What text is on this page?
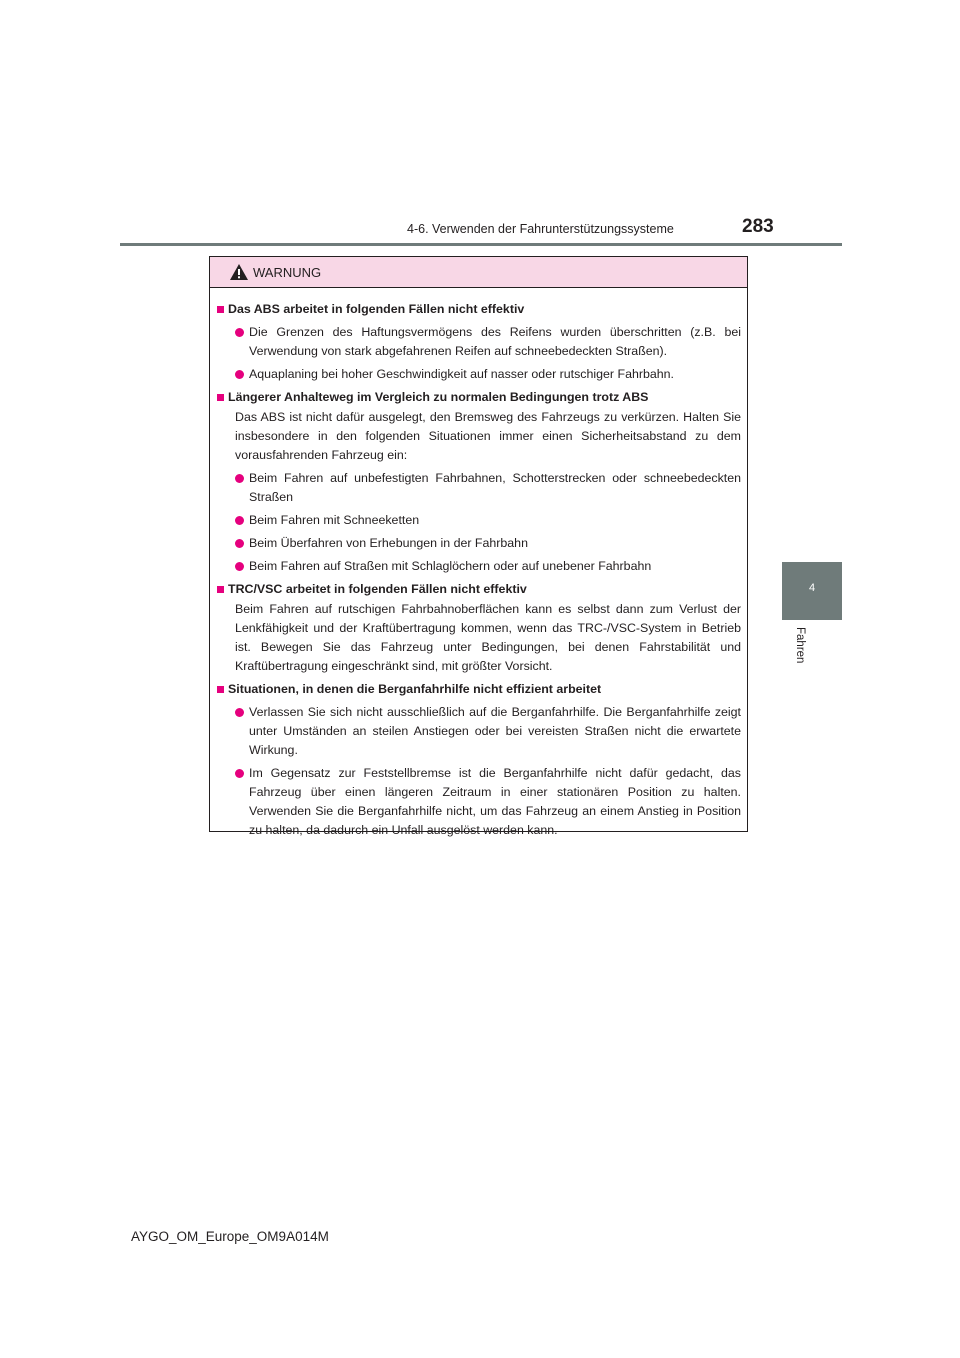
4-6. Verwenden der Fahrunterstützungssysteme	283
4
Fahren
WARNUNG
Das ABS arbeitet in folgenden Fällen nicht effektiv
Die Grenzen des Haftungsvermögens des Reifens wurden überschritten (z.B. bei Verwendung von stark abgefahrenen Reifen auf schneebedeckten Straßen).
Aquaplaning bei hoher Geschwindigkeit auf nasser oder rutschiger Fahrbahn.
Längerer Anhalteweg im Vergleich zu normalen Bedingungen trotz ABS
Das ABS ist nicht dafür ausgelegt, den Bremsweg des Fahrzeugs zu verkürzen. Halten Sie insbesondere in den folgenden Situationen immer einen Sicherheitsabstand zu dem vorausfahrenden Fahrzeug ein:
Beim Fahren auf unbefestigten Fahrbahnen, Schotterstrecken oder schneebedeckten Straßen
Beim Fahren mit Schneeketten
Beim Überfahren von Erhebungen in der Fahrbahn
Beim Fahren auf Straßen mit Schlaglöchern oder auf unebener Fahrbahn
TRC/VSC arbeitet in folgenden Fällen nicht effektiv
Beim Fahren auf rutschigen Fahrbahnoberflächen kann es selbst dann zum Verlust der Lenkfähigkeit und der Kraftübertragung kommen, wenn das TRC-/VSC-System in Betrieb ist. Bewegen Sie das Fahrzeug unter Bedingungen, bei denen Fahrstabilität und Kraftübertragung eingeschränkt sind, mit größter Vorsicht.
Situationen, in denen die Berganfahrhilfe nicht effizient arbeitet
Verlassen Sie sich nicht ausschließlich auf die Berganfahrhilfe. Die Berganfahrhilfe zeigt unter Umständen an steilen Anstiegen oder bei vereisten Straßen nicht die erwartete Wirkung.
Im Gegensatz zur Feststellbremse ist die Berganfahrhilfe nicht dafür gedacht, das Fahrzeug über einen längeren Zeitraum in einer stationären Position zu halten. Verwenden Sie die Berganfahrhilfe nicht, um das Fahrzeug an einem Anstieg in Position zu halten, da dadurch ein Unfall ausgelöst werden kann.
AYGO_OM_Europe_OM9A014M
